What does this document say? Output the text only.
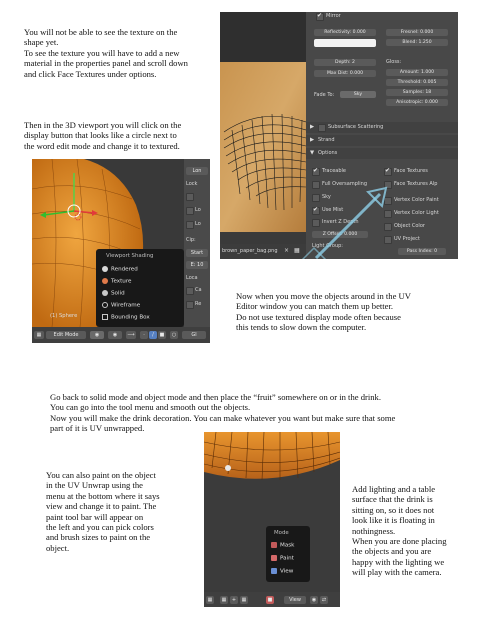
You will not be able to see the texture on the

shape yet.

To see the texture you will have to add a new

material in the properties panel and scroll down

and click Face Textures under options.

Then in the 3D viewport you will click on the

display button that looks like a circle next to

the word edit mode and change it to textured.

brown_paper_bag.png × ▦
✔
Mirror
Reflectivity: 0.000	Fresnel: 0.000
Blend: 1.250
Depth: 2
Max Dist: 0.000
Fade To:	Sky
Gloss:
Amount: 1.000
Threshold: 0.005
Samples: 18
Anisotropic: 0.000
▶	Subsurface Scattering
▶ Strand
▼ Options
✔
Traceable
Full Oversampling
Sky
✔
Use Mist
Invert Z Depth
Z Offset: 0.000
Light Group:
✔
Face Textures
Face Textures Alp
Vertex Color Paint
Vertex Color Light
Object Color
UV Project
Pass Index: 0
(1) Sphere
Lon
Lock
Lo
Lo
Cip:
Start
E: 10
Loca
Ca
Re
Viewport Shading
Rendered
Texture
Solid
Wireframe
Bounding Box
▦	Edit Mode	◉	◉	⟶	·	/	■	○	Gl

Now when you move the objects around in the UV

Editor window you can match them up better.

Do not use textured display mode often because

this tends to slow down the computer.

Go back to solid mode and object mode and then place the “fruit” somewhere on or in the drink.

You can go into the tool menu and smooth out the objects.

Now you will make the drink decoration. You can make whatever you want but make sure that some

part of it is UV unwrapped.

You can also paint on the object

in the UV Unwrap using the

menu at the bottom where it says

view and change it to paint. The

paint tool bar will appear on

the left and you can pick colors

and brush sizes to paint on the

object.

Mode
Mask
Paint
View
▦	▦	+	▦	■	View	◉	⇄

Add lighting and a table

surface that the drink is

sitting on, so it does not

look like it is floating in

nothingness.

When you are done placing

the objects and you are

happy with the lighting we

will play with the camera.
